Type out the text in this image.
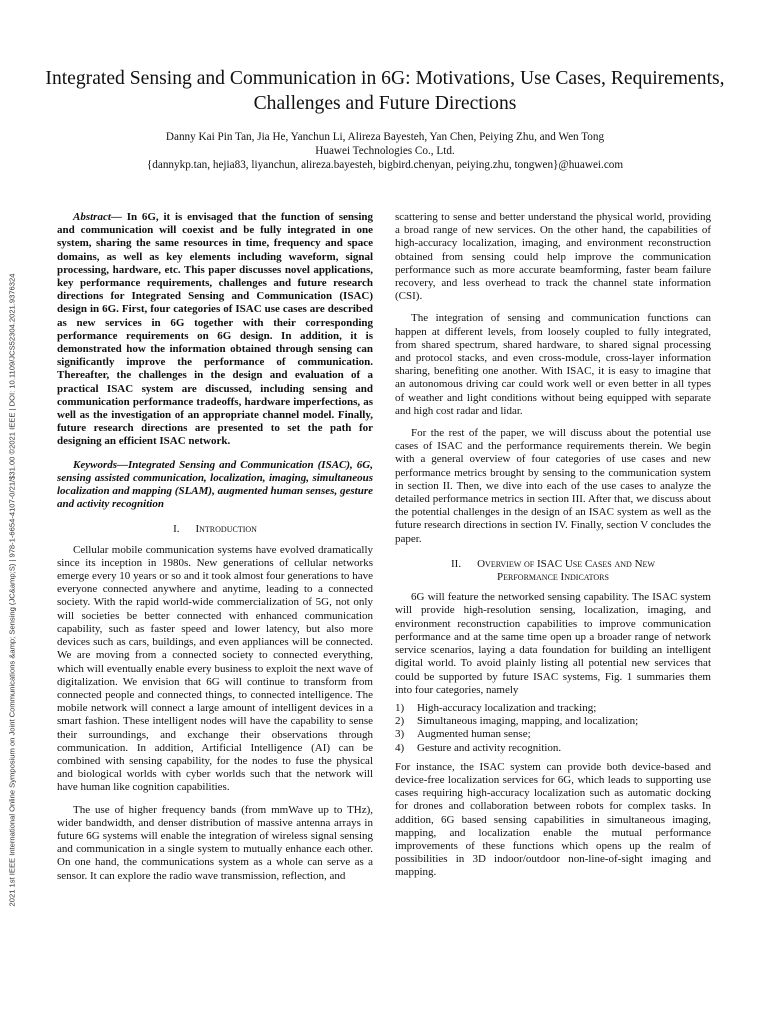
2021 1st IEEE International Online Symposium on Joint Communications &amp; Sensing (JC&amp;S) | 978-1-6654-4107-0/21/$31.00 ©2021 IEEE | DOI: 10.1109/JCS52304.2021.9376324
Integrated Sensing and Communication in 6G: Motivations, Use Cases, Requirements, Challenges and Future Directions
Danny Kai Pin Tan, Jia He, Yanchun Li, Alireza Bayesteh, Yan Chen, Peiying Zhu, and Wen Tong
Huawei Technologies Co., Ltd.
{dannykp.tan, hejia83, liyanchun, alireza.bayesteh, bigbird.chenyan, peiying.zhu, tongwen}@huawei.com

Abstract— In 6G, it is envisaged that the function of sensing and communication will coexist and be fully integrated in one system, sharing the same resources in time, frequency and space domains, as well as key elements including waveform, signal processing, hardware, etc. This paper discusses novel applications, key performance requirements, challenges and future research directions for Integrated Sensing and Communication (ISAC) design in 6G. First, four categories of ISAC use cases are described as new services in 6G together with their corresponding performance requirements on 6G design. In addition, it is demonstrated how the information obtained through sensing can significantly improve the performance of communication. Thereafter, the challenges in the design and evaluation of a practical ISAC system are discussed, including sensing and communication performance tradeoffs, hardware imperfections, as well as the investigation of an appropriate channel model. Finally, future research directions are presented to set the path for designing an efficient ISAC network.

Keywords—Integrated Sensing and Communication (ISAC), 6G, sensing assisted communication, localization, imaging, simultaneous localization and mapping (SLAM), augmented human senses, gesture and activity recognition

I. Introduction

Cellular mobile communication systems have evolved dramatically since its inception in 1980s. New generations of cellular networks emerge every 10 years or so and it took almost four generations to have everyone connected anywhere and anytime, leading to a connected society. With the rapid world-wide commercialization of 5G, not only will societies be better connected with enhanced communication capability, such as faster speed and lower latency, but also more devices such as cars, buildings, and even appliances will be connected. We are moving from a connected society to connected everything, which will eventually enable every business to exploit the next wave of digitalization. We envision that 6G will continue to transform from connected people and connected things, to connected intelligence. The mobile network will connect a large amount of intelligent devices in a smart fashion. These intelligent nodes will have the capability to sense their surroundings, and exchange their observations through communication. In addition, Artificial Intelligence (AI) can be combined with sensing capability, for the nodes to fuse the physical and biological worlds with cyber worlds such that the network will have human like cognition capabilities.

The use of higher frequency bands (from mmWave up to THz), wider bandwidth, and denser distribution of massive antenna arrays in future 6G systems will enable the integration of wireless signal sensing and communication in a single system to mutually enhance each other. On one hand, the communications system as a whole can serve as a sensor. It can explore the radio wave transmission, reflection, and

scattering to sense and better understand the physical world, providing a broad range of new services. On the other hand, the capabilities of high-accuracy localization, imaging, and environment reconstruction obtained from sensing could help improve the communication performance such as more accurate beamforming, faster beam failure recovery, and less overhead to track the channel state information (CSI).

The integration of sensing and communication functions can happen at different levels, from loosely coupled to fully integrated, from shared spectrum, shared hardware, to shared signal processing and protocol stacks, and even cross-module, cross-layer information sharing, benefiting one another. With ISAC, it is easy to imagine that an autonomous driving car could work well or even better in all types of weather and light conditions without being equipped with separate and high cost radar and lidar.

For the rest of the paper, we will discuss about the potential use cases of ISAC and the performance requirements therein. We begin with a general overview of four categories of use cases and new performance metrics brought by sensing to the communication system in section II. Then, we dive into each of the use cases to analyze the detailed performance metrics in section III. After that, we discuss about the potential challenges in the design of an ISAC system as well as the future research directions in section IV. Finally, section V concludes the paper.

II. Overview of ISAC Use Cases and New
Performance Indicators

6G will feature the networked sensing capability. The ISAC system will provide high-resolution sensing, localization, imaging, and environment reconstruction capabilities to improve communication performance and at the same time open up a broader range of network service scenarios, laying a data foundation for building an intelligent digital world. To avoid plainly listing all potential new services that could be supported by future ISAC systems, Fig. 1 summaries them into four categories, namely

1) High-accuracy localization and tracking;
2) Simultaneous imaging, mapping, and localization;
3) Augmented human sense;
4) Gesture and activity recognition.

For instance, the ISAC system can provide both device-based and device-free localization services for 6G, which leads to supporting use cases requiring high-accuracy localization such as automatic docking for drones and collaboration between robots for complex tasks. In addition, 6G based sensing capabilities in simultaneous imaging, mapping, and localization enable the mutual performance improvements of these functions which opens up the realm of possibilities in 3D indoor/outdoor non-line-of-sight imaging and mapping.
